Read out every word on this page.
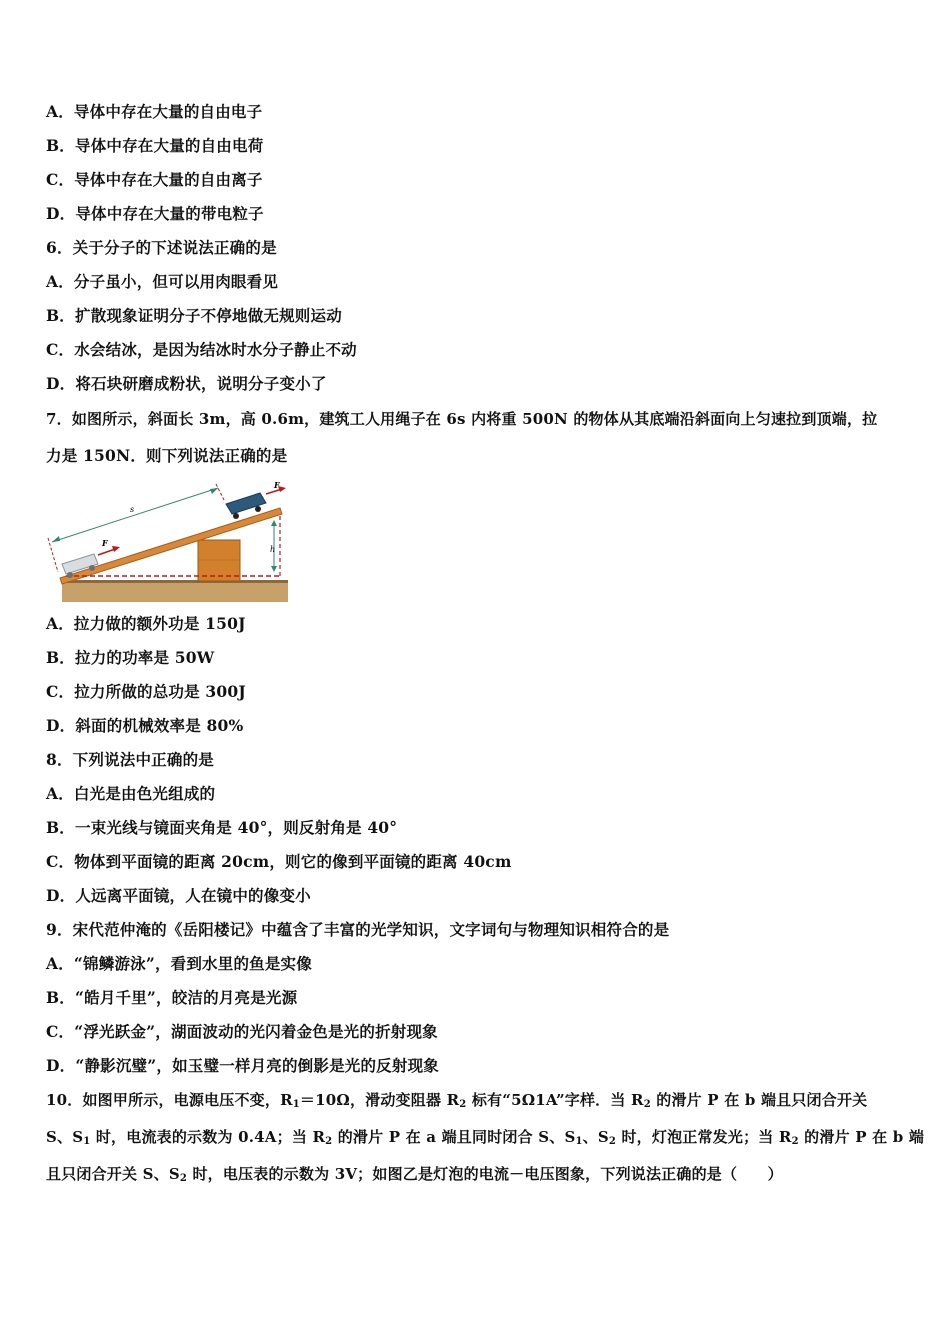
A．导体中存在大量的自由电子
B．导体中存在大量的自由电荷
C．导体中存在大量的自由离子
D．导体中存在大量的带电粒子
6．关于分子的下述说法正确的是
A．分子虽小，但可以用肉眼看见
B．扩散现象证明分子不停地做无规则运动
C．水会结冰，是因为结冰时水分子静止不动
D．将石块研磨成粉状，说明分子变小了
7．如图所示，斜面长 3m，高 0.6m，建筑工人用绳子在 6s 内将重 500N 的物体从其底端沿斜面向上匀速拉到顶端，拉
力是 150N．则下列说法正确的是
h
s
F
F
A．拉力做的额外功是 150J
B．拉力的功率是 50W
C．拉力所做的总功是 300J
D．斜面的机械效率是 80%
8．下列说法中正确的是
A．白光是由色光组成的
B．一束光线与镜面夹角是 40°，则反射角是 40°
C．物体到平面镜的距离 20cm，则它的像到平面镜的距离 40cm
D．人远离平面镜，人在镜中的像变小
9．宋代范仲淹的《岳阳楼记》中蕴含了丰富的光学知识，文字词句与物理知识相符合的是
A．“锦鳞游泳”，看到水里的鱼是实像
B．“皓月千里”，皎洁的月亮是光源
C．“浮光跃金”，湖面波动的光闪着金色是光的折射现象
D．“静影沉璧”，如玉璧一样月亮的倒影是光的反射现象
10．如图甲所示，电源电压不变，$R_1=10\Omega$，滑动变阻器 $R_2$ 标有“5Ω1A”字样．当 $R_2$ 的滑片 P 在 b 端且只闭合开关
S、$S_1$ 时，电流表的示数为 0.4A；当 $R_2$ 的滑片 P 在 a 端且同时闭合 S、$S_1$、$S_2$ 时，灯泡正常发光；当 $R_2$ 的滑片 P 在 b 端
且只闭合开关 S、$S_2$ 时，电压表的示数为 3V；如图乙是灯泡的电流－电压图象，下列说法正确的是（　　）
